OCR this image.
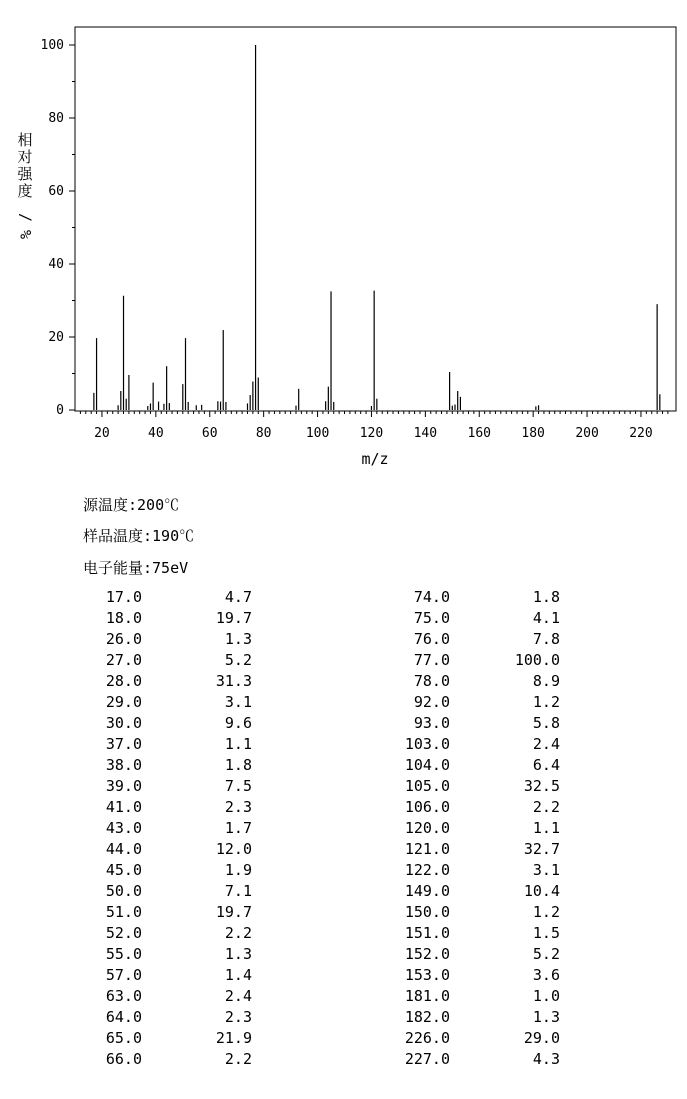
0
20
40
60
80
100
20	40	60	80	100 120 140 160 180 200 220
相对强度/ %
m/z
源温度:200℃
样品温度:190℃
电子能量:75eV
17.0	4.7	74.0	1.8
18.0	19.7	75.0	4.1
26.0	1.3	76.0	7.8
27.0	5.2	77.0	100.0
28.0	31.3	78.0	8.9
29.0	3.1	92.0	1.2
30.0	9.6	93.0	5.8
37.0	1.1	103.0	2.4
38.0	1.8	104.0	6.4
39.0	7.5	105.0	32.5
41.0	2.3	106.0	2.2
43.0	1.7	120.0	1.1
44.0	12.0	121.0	32.7
45.0	1.9	122.0	3.1
50.0	7.1	149.0	10.4
51.0	19.7	150.0	1.2
52.0	2.2	151.0	1.5
55.0	1.3	152.0	5.2
57.0	1.4	153.0	3.6
63.0	2.4	181.0	1.0
64.0	2.3	182.0	1.3
65.0	21.9	226.0	29.0
66.0	2.2	227.0	4.3
